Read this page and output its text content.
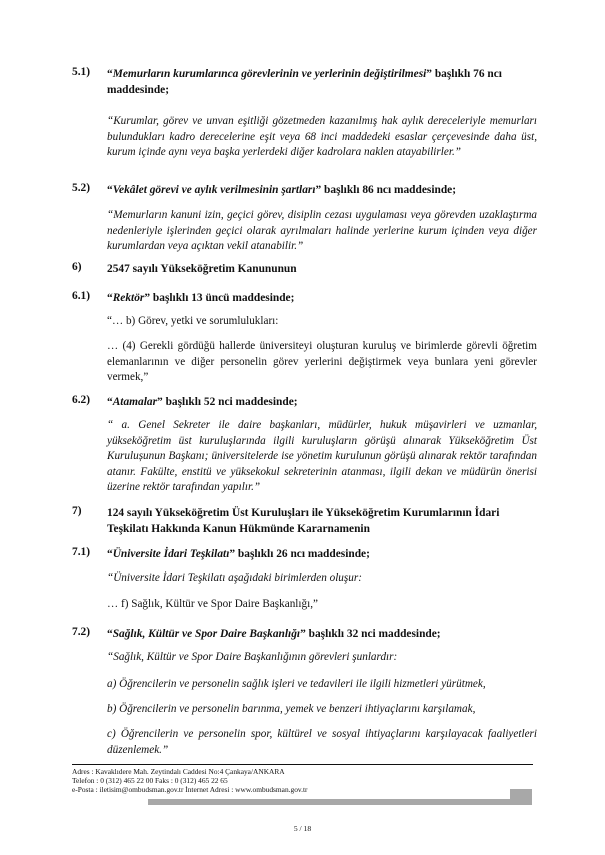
5.1) “Memurların kurumlarınca görevlerinin ve yerlerinin değiştirilmesi” başlıklı 76 ncı maddesinde;
“Kurumlar, görev ve unvan eşitliği gözetmeden kazanılmış hak aylık dereceleriyle memurları bulundukları kadro derecelerine eşit veya 68 inci maddedeki esaslar çerçevesinde daha üst, kurum içinde aynı veya başka yerlerdeki diğer kadrolara naklen atayabilirler.”
5.2) “Vekâlet görevi ve aylık verilmesinin şartları” başlıklı 86 ncı maddesinde;
“Memurların kanuni izin, geçici görev, disiplin cezası uygulaması veya görevden uzaklaştırma nedenleriyle işlerinden geçici olarak ayrılmaları halinde yerlerine kurum içinden veya diğer kurumlardan veya açıktan vekil atanabilir.”
6) 2547 sayılı Yükseköğretim Kanununun
6.1) “Rektör” başlıklı 13 üncü maddesinde;
“… b) Görev, yetki ve sorumlulukları:
… (4) Gerekli gördüğü hallerde üniversiteyi oluşturan kuruluş ve birimlerde görevli öğretim elemanlarının ve diğer personelin görev yerlerini değiştirmek veya bunlara yeni görevler vermek,”
6.2) “Atamalar” başlıklı 52 nci maddesinde;
“ a. Genel Sekreter ile daire başkanları, müdürler, hukuk müşavirleri ve uzmanlar, yükseköğretim üst kuruluşlarında ilgili kuruluşların görüşü alınarak Yükseköğretim Üst Kurulușunun Başkanı; üniversitelerde ise yönetim kurulunun görüşü alınarak rektör tarafından atanır. Fakülte, enstitü ve yüksekokul sekreterinin atanması, ilgili dekan ve müdürün önerisi üzerine rektör tarafından yapılır.”
7) 124 sayılı Yükseköğretim Üst Kuruluşları ile Yükseköğretim Kurumlarının İdari Teşkilatı Hakkında Kanun Hükmünde Kararnamenin
7.1) “Üniversite İdari Teşkilatı” başlıklı 26 ncı maddesinde;
“Üniversite İdari Teşkilatı aşağıdaki birimlerden oluşur:
… f) Sağlık, Kültür ve Spor Daire Başkanlığı,”
7.2) “Sağlık, Kültür ve Spor Daire Başkanlığı” başlıklı 32 nci maddesinde;
“Sağlık, Kültür ve Spor Daire Başkanlığının görevleri şunlardır:
a) Öğrencilerin ve personelin sağlık işleri ve tedavileri ile ilgili hizmetleri yürütmek,
b) Öğrencilerin ve personelin barınma, yemek ve benzeri ihtiyaçlarını karşılamak,
c) Öğrencilerin ve personelin spor, kültürel ve sosyal ihtiyaçlarını karşılayacak faaliyetleri düzenlemek.”
Adres : Kavaklıdere Mah. Zeytindalı Caddesi No:4 Çankaya/ANKARA
Telefon : 0 (312) 465 22 00 Faks : 0 (312) 465 22 65
e-Posta : iletisim@ombudsman.gov.tr İnternet Adresi : www.ombudsman.gov.tr
5 / 18
